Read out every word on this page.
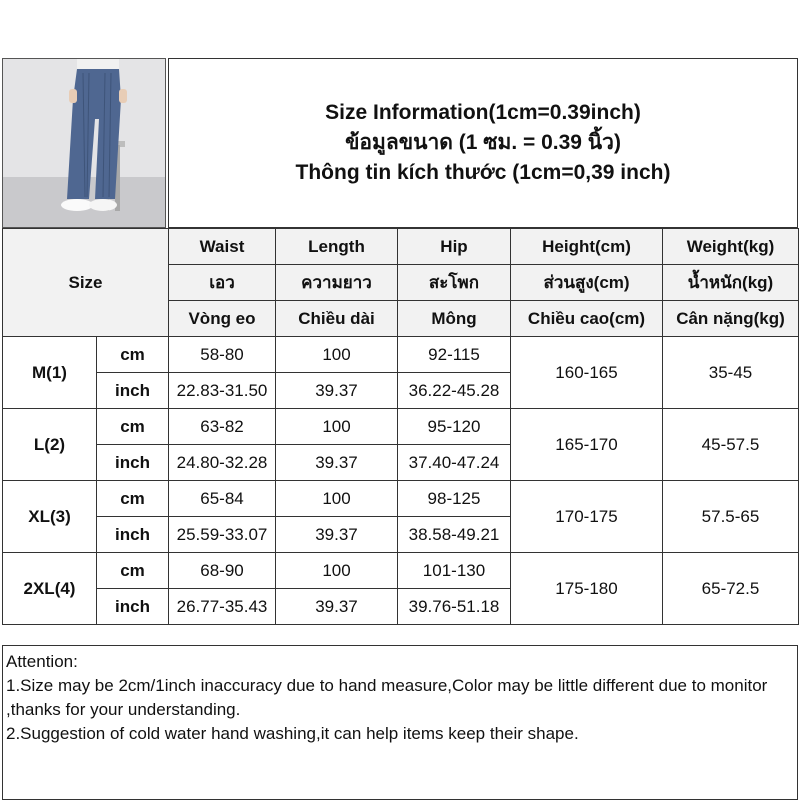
Size Information(1cm=0.39inch)
ข้อมูลขนาด (1 ซม. = 0.39 นิ้ว)
Thông tin kích thước (1cm=0,39 inch)
Size		Waist	Length	Hip	Height(cm)	Weight(kg)
		เอว	ความยาว	สะโพก	ส่วนสูง(cm)	น้ำหนัก(kg)
		Vòng eo	Chiều dài	Mông	Chiều cao(cm)	Cân nặng(kg)
M(1)	cm	58-80	100	92-115	160-165	35-45
	inch	22.83-31.50	39.37	36.22-45.28		
L(2)	cm	63-82	100	95-120	165-170	45-57.5
	inch	24.80-32.28	39.37	37.40-47.24		
XL(3)	cm	65-84	100	98-125	170-175	57.5-65
	inch	25.59-33.07	39.37	38.58-49.21		
2XL(4)	cm	68-90	100	101-130	175-180	65-72.5
	inch	26.77-35.43	39.37	39.76-51.18		
Attention:
1.Size may be 2cm/1inch inaccuracy due to hand measure,Color may be little different due to monitor ,thanks for your understanding.
2.Suggestion of cold water hand washing,it can help items keep their shape.
